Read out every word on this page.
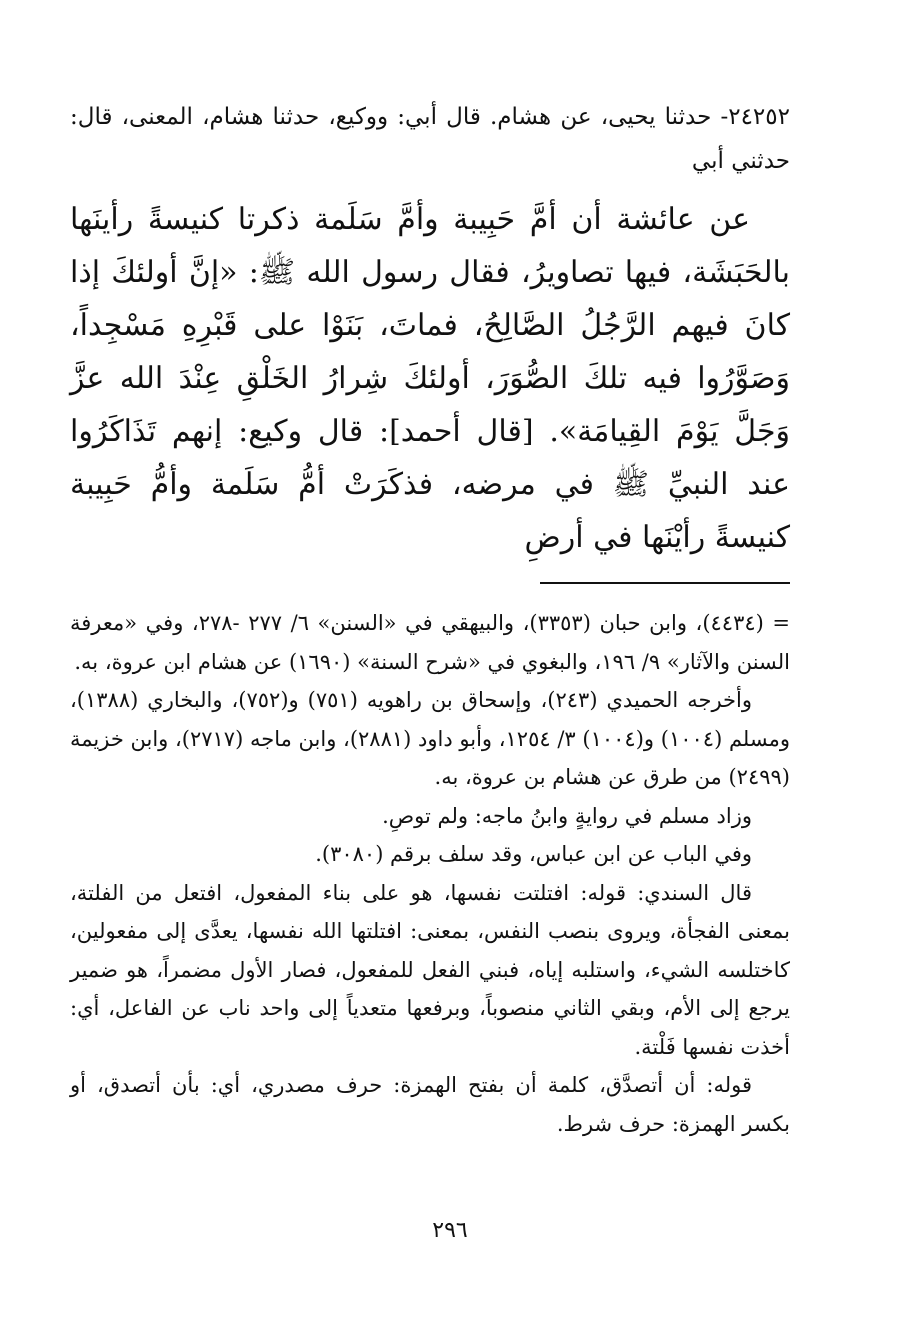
٢٤٢٥٢- حدثنا يحيى، عن هشام. قال أبي: ووكيع، حدثنا هشام، المعنى، قال: حدثني أبي

عن عائشة أن أمَّ حَبِيبة وأمَّ سَلَمة ذكرتا كنيسةً رأينَها بالحَبَشَة، فيها تصاويرُ، فقال رسول الله ﷺ: «إنَّ أولئكَ إذا كانَ فيهم الرَّجُلُ الصَّالِحُ، فماتَ، بَنَوْا على قَبْرِهِ مَسْجِداً، وَصَوَّرُوا فيه تلكَ الصُّوَرَ، أولئكَ شِرارُ الخَلْقِ عِنْدَ الله عزَّ وَجَلَّ يَوْمَ القِيامَة». [قال أحمد]: قال وكيع: إنهم تَذَاكَرُوا عند النبيِّ ﷺ في مرضه، فذكَرَتْ أمُّ سَلَمة وأمُّ حَبِيبة كنيسةً رأيْنَها في أرضِ

= (٤٤٣٤)، وابن حبان (٣٣٥٣)، والبيهقي في «السنن» ٦/ ٢٧٧ -٢٧٨، وفي «معرفة السنن والآثار» ٩/ ١٩٦، والبغوي في «شرح السنة» (١٦٩٠) عن هشام ابن عروة، به.

وأخرجه الحميدي (٢٤٣)، وإسحاق بن راهويه (٧٥١) و(٧٥٢)، والبخاري (١٣٨٨)، ومسلم (١٠٠٤) و(١٠٠٤) ٣/ ١٢٥٤، وأبو داود (٢٨٨١)، وابن ماجه (٢٧١٧)، وابن خزيمة (٢٤٩٩) من طرق عن هشام بن عروة، به.

وزاد مسلم في روايةٍ وابنُ ماجه: ولم توصِ.

وفي الباب عن ابن عباس، وقد سلف برقم (٣٠٨٠).

قال السندي: قوله: افتلتت نفسها، هو على بناء المفعول، افتعل من الفلتة، بمعنى الفجأة، ويروى بنصب النفس، بمعنى: افتلتها الله نفسها، يعدَّى إلى مفعولين، كاختلسه الشيء، واستلبه إياه، فبني الفعل للمفعول، فصار الأول مضمراً، هو ضمير يرجع إلى الأم، وبقي الثاني منصوباً، وبرفعها متعدياً إلى واحد ناب عن الفاعل، أي: أخذت نفسها فَلْتة.

قوله: أن أتصدَّق، كلمة أن بفتح الهمزة: حرف مصدري، أي: بأن أتصدق، أو بكسر الهمزة: حرف شرط.

٢٩٦
